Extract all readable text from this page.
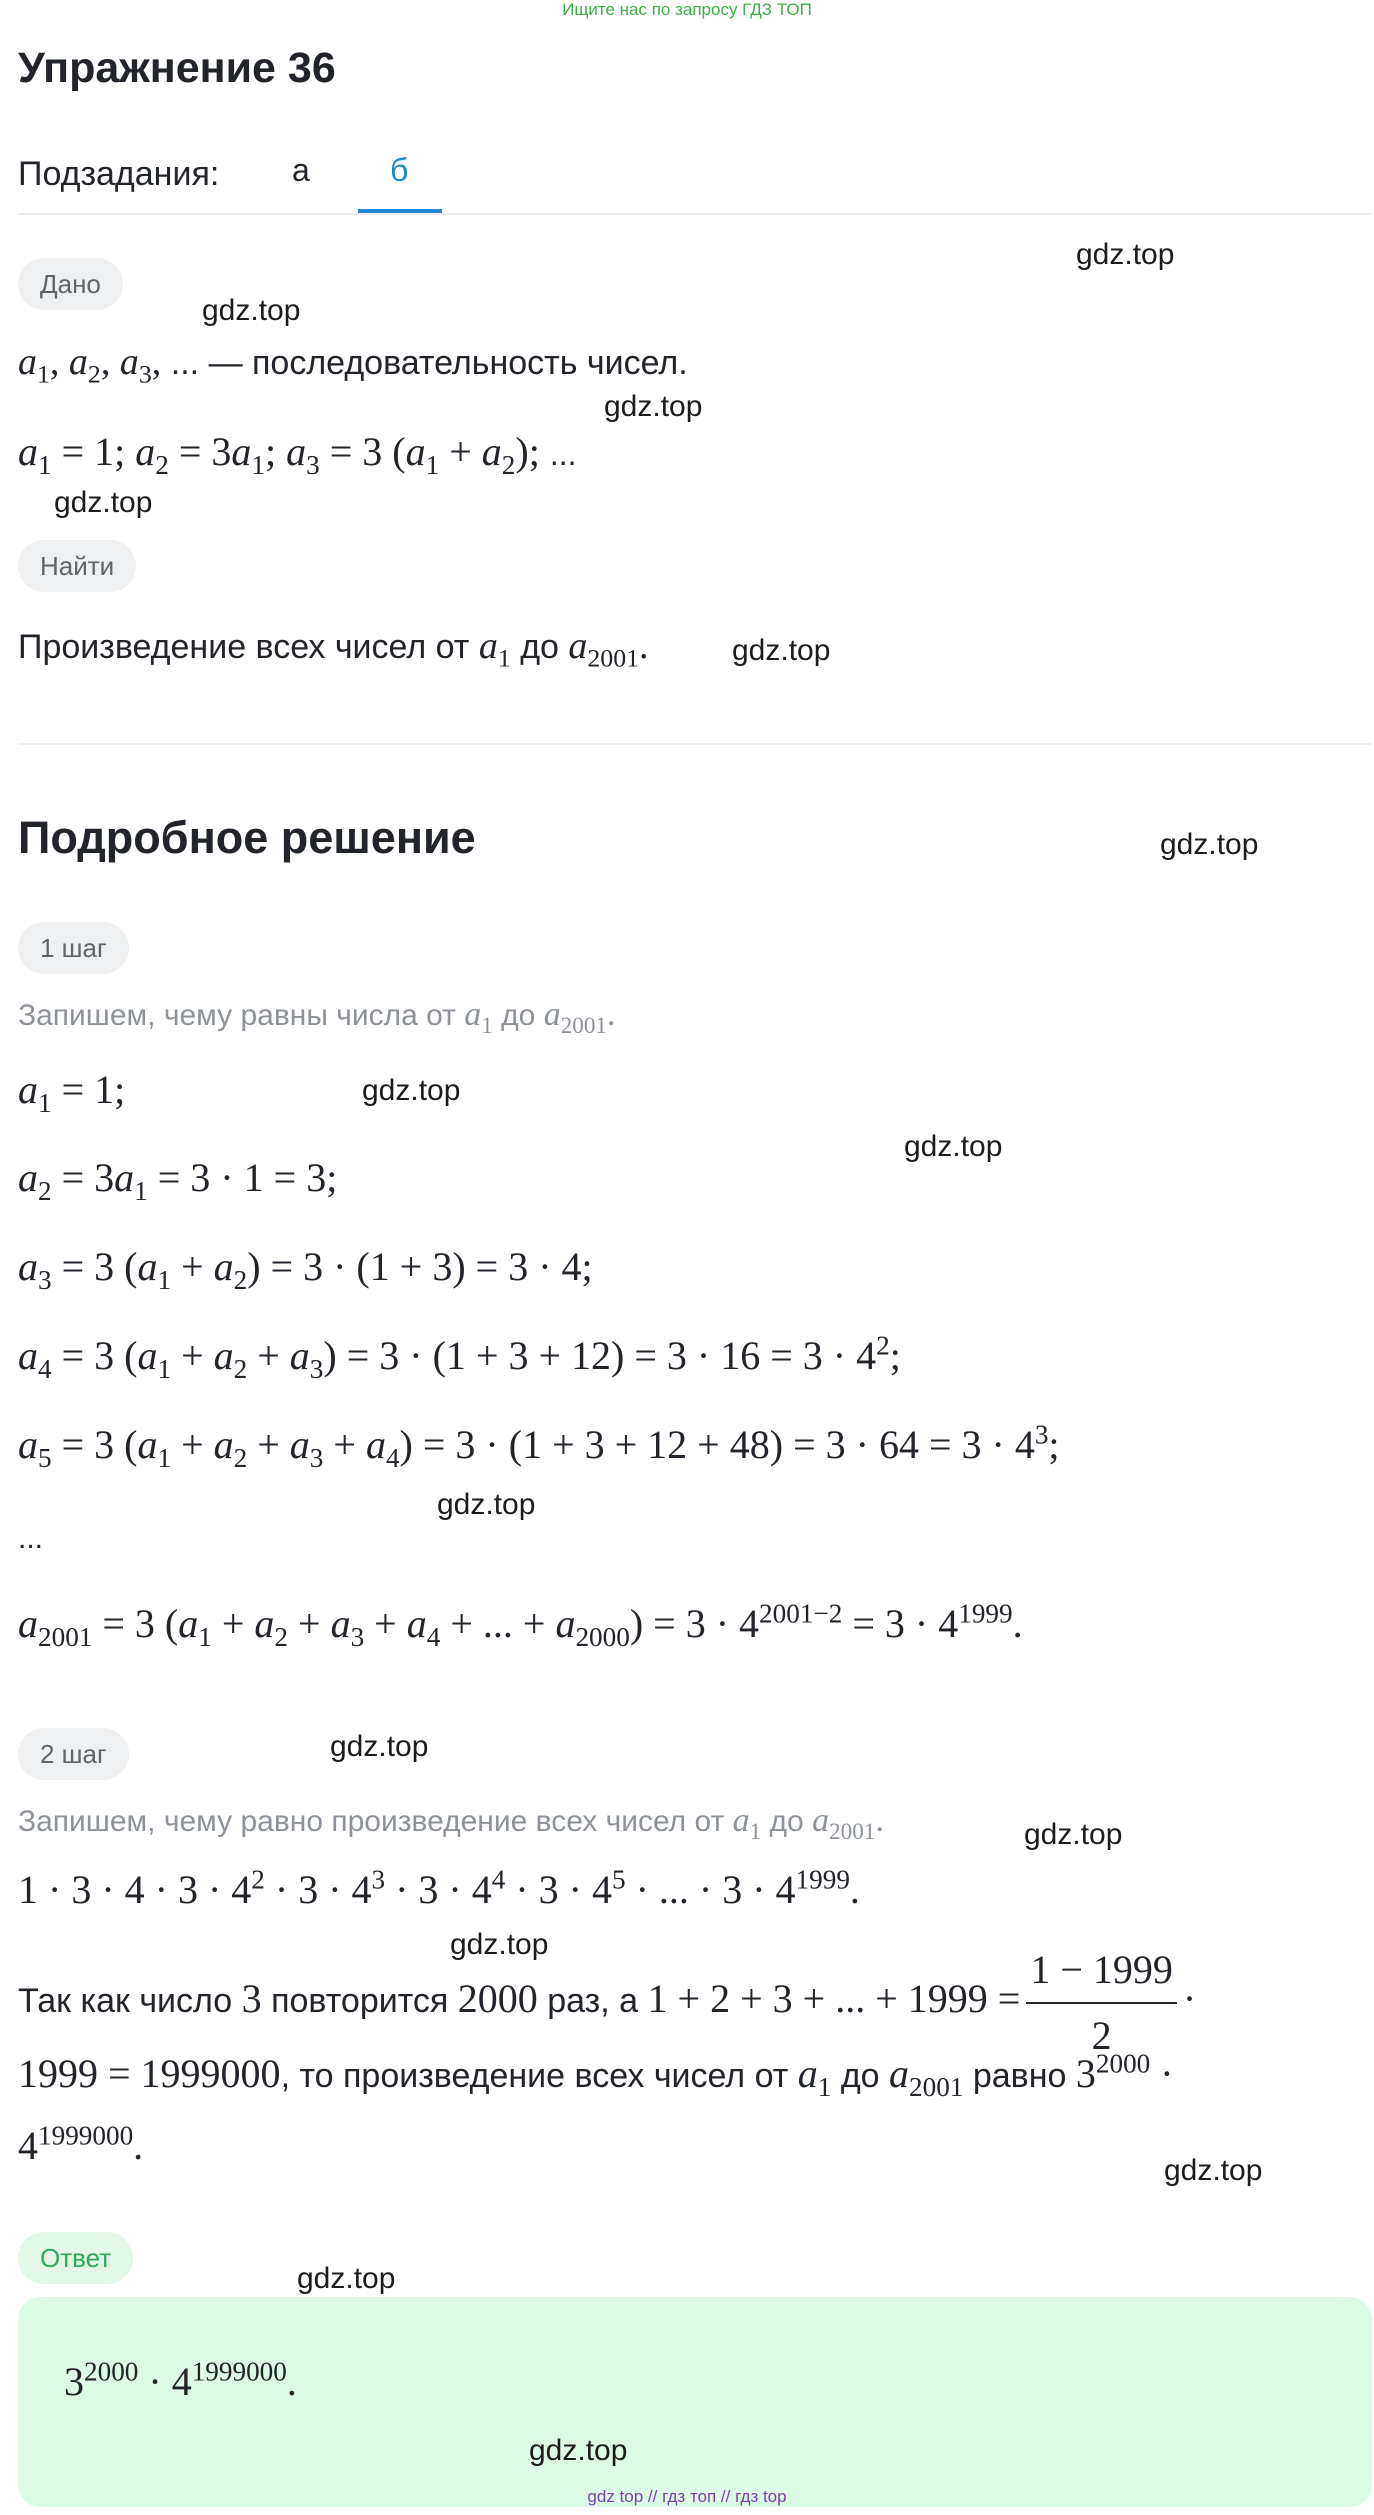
Ищите нас по запросу ГДЗ ТОП
Упражнение 36
Подзадания: а	б
Дано
$a_1$, $a_2$, $a_3$, ... — последовательность чисел.
$a_1 = 1$; $a_2 = 3a_1$; $a_3 = 3$ $(a_1 + a_2)$; ...
Найти
Произведение всех чисел от $a_1$ до $a_{2001}$.
Подробное решение
1 шаг
Запишем, чему равны числа от $a_1$ до $a_{2001}$.
$a_1 = 1$;
$a_2 = 3a_1 = 3 \cdot 1 = 3$;
$a_3 = 3$ $(a_1 + a_2) = 3 \cdot (1 + 3) = 3 \cdot 4$;
$a_4 = 3$ $(a_1 + a_2 + a_3) = 3 \cdot (1 + 3 + 12) = 3 \cdot 16 = 3 \cdot 4^2$;
$a_5 = 3$ $(a_1 + a_2 + a_3 + a_4) = 3 \cdot (1 + 3 + 12 + 48) = 3 \cdot 64 = 3 \cdot 4^3$;
...
$a_{2001} = 3$ ($a_1 + a_2 + a_3 + a_4$ + ... + $a_{2000}) = 3 \cdot 4^{2001-2} = 3 \cdot 4^{1999}$.
2 шаг
Запишем, чему равно произведение всех чисел от $a_1$ до $a_{2001}$.
$1 \cdot 3 \cdot 4 \cdot 3 \cdot 4^2 \cdot 3 \cdot 4^3 \cdot 3 \cdot 4^4 \cdot 3 \cdot 4^5$ · ... · $3 \cdot 4^{1999}$.
Так как число 3 повторится 2000 раз, а 1 + 2 + 3 + ... + $1999 = \frac{1 - 1999}{2}$ ·
1999 = 1999000, то произведение всех чисел от $a_1$ до $a_{2001}$ равно $3^{2000}$ ·
$4^{1999000}$.
Ответ
$3^{2000} \cdot 4^{1999000}$.
gdz.top
gdz.top
gdz.top
gdz.top
gdz.top
gdz.top
gdz.top
gdz.top
gdz.top
gdz.top
gdz.top
gdz.top
gdz.top
gdz.top
gdz.top
gdz top // гдз топ // гдз top
